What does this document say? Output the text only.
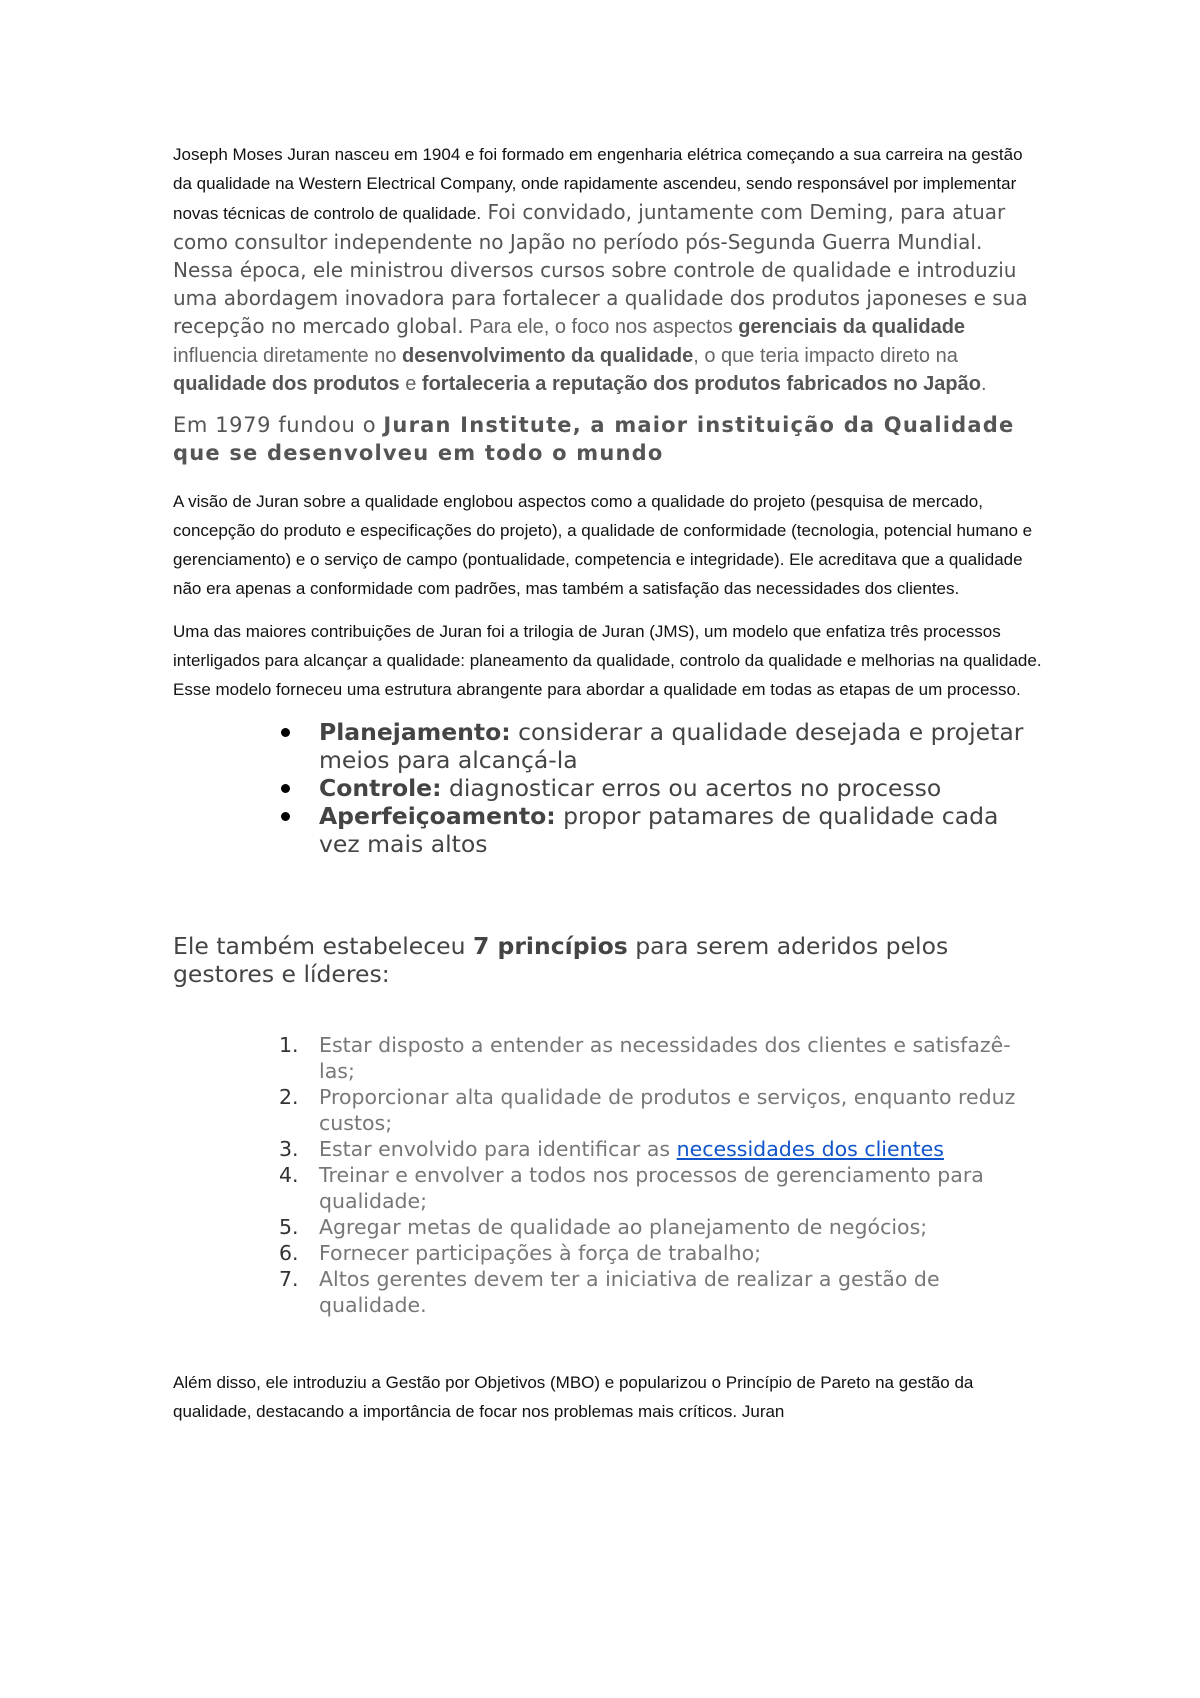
Joseph Moses Juran nasceu em 1904 e foi formado em engenharia elétrica começando a sua carreira na gestão da qualidade na Western Electrical Company, onde rapidamente ascendeu, sendo responsável por implementar novas técnicas de controlo de qualidade. Foi convidado, juntamente com Deming, para atuar como consultor independente no Japão no período pós-Segunda Guerra Mundial. Nessa época, ele ministrou diversos cursos sobre controle de qualidade e introduziu uma abordagem inovadora para fortalecer a qualidade dos produtos japoneses e sua recepção no mercado global. Para ele, o foco nos aspectos gerenciais da qualidade influencia diretamente no desenvolvimento da qualidade, o que teria impacto direto na qualidade dos produtos e fortaleceria a reputação dos produtos fabricados no Japão.

Em 1979 fundou o Juran Institute, a maior instituição da Qualidade que se desenvolveu em todo o mundo

A visão de Juran sobre a qualidade englobou aspectos como a qualidade do projeto (pesquisa de mercado, concepção do produto e especificações do projeto), a qualidade de conformidade (tecnologia, potencial humano e gerenciamento) e o serviço de campo (pontualidade, competencia e integridade). Ele acreditava que a qualidade não era apenas a conformidade com padrões, mas também a satisfação das necessidades dos clientes.

Uma das maiores contribuições de Juran foi a trilogia de Juran (JMS), um modelo que enfatiza três processos interligados para alcançar a qualidade: planeamento da qualidade, controlo da qualidade e melhorias na qualidade. Esse modelo forneceu uma estrutura abrangente para abordar a qualidade em todas as etapas de um processo.

Planejamento: considerar a qualidade desejada e projetar meios para alcançá-la
Controle: diagnosticar erros ou acertos no processo
Aperfeiçoamento: propor patamares de qualidade cada vez mais altos

Ele também estabeleceu 7 princípios para serem aderidos pelos gestores e líderes:

1. Estar disposto a entender as necessidades dos clientes e satisfazê-las;
2. Proporcionar alta qualidade de produtos e serviços, enquanto reduz custos;
3. Estar envolvido para identificar as necessidades dos clientes
4. Treinar e envolver a todos nos processos de gerenciamento para qualidade;
5. Agregar metas de qualidade ao planejamento de negócios;
6. Fornecer participações à força de trabalho;
7. Altos gerentes devem ter a iniciativa de realizar a gestão de qualidade.

Além disso, ele introduziu a Gestão por Objetivos (MBO) e popularizou o Princípio de Pareto na gestão da qualidade, destacando a importância de focar nos problemas mais críticos. Juran
